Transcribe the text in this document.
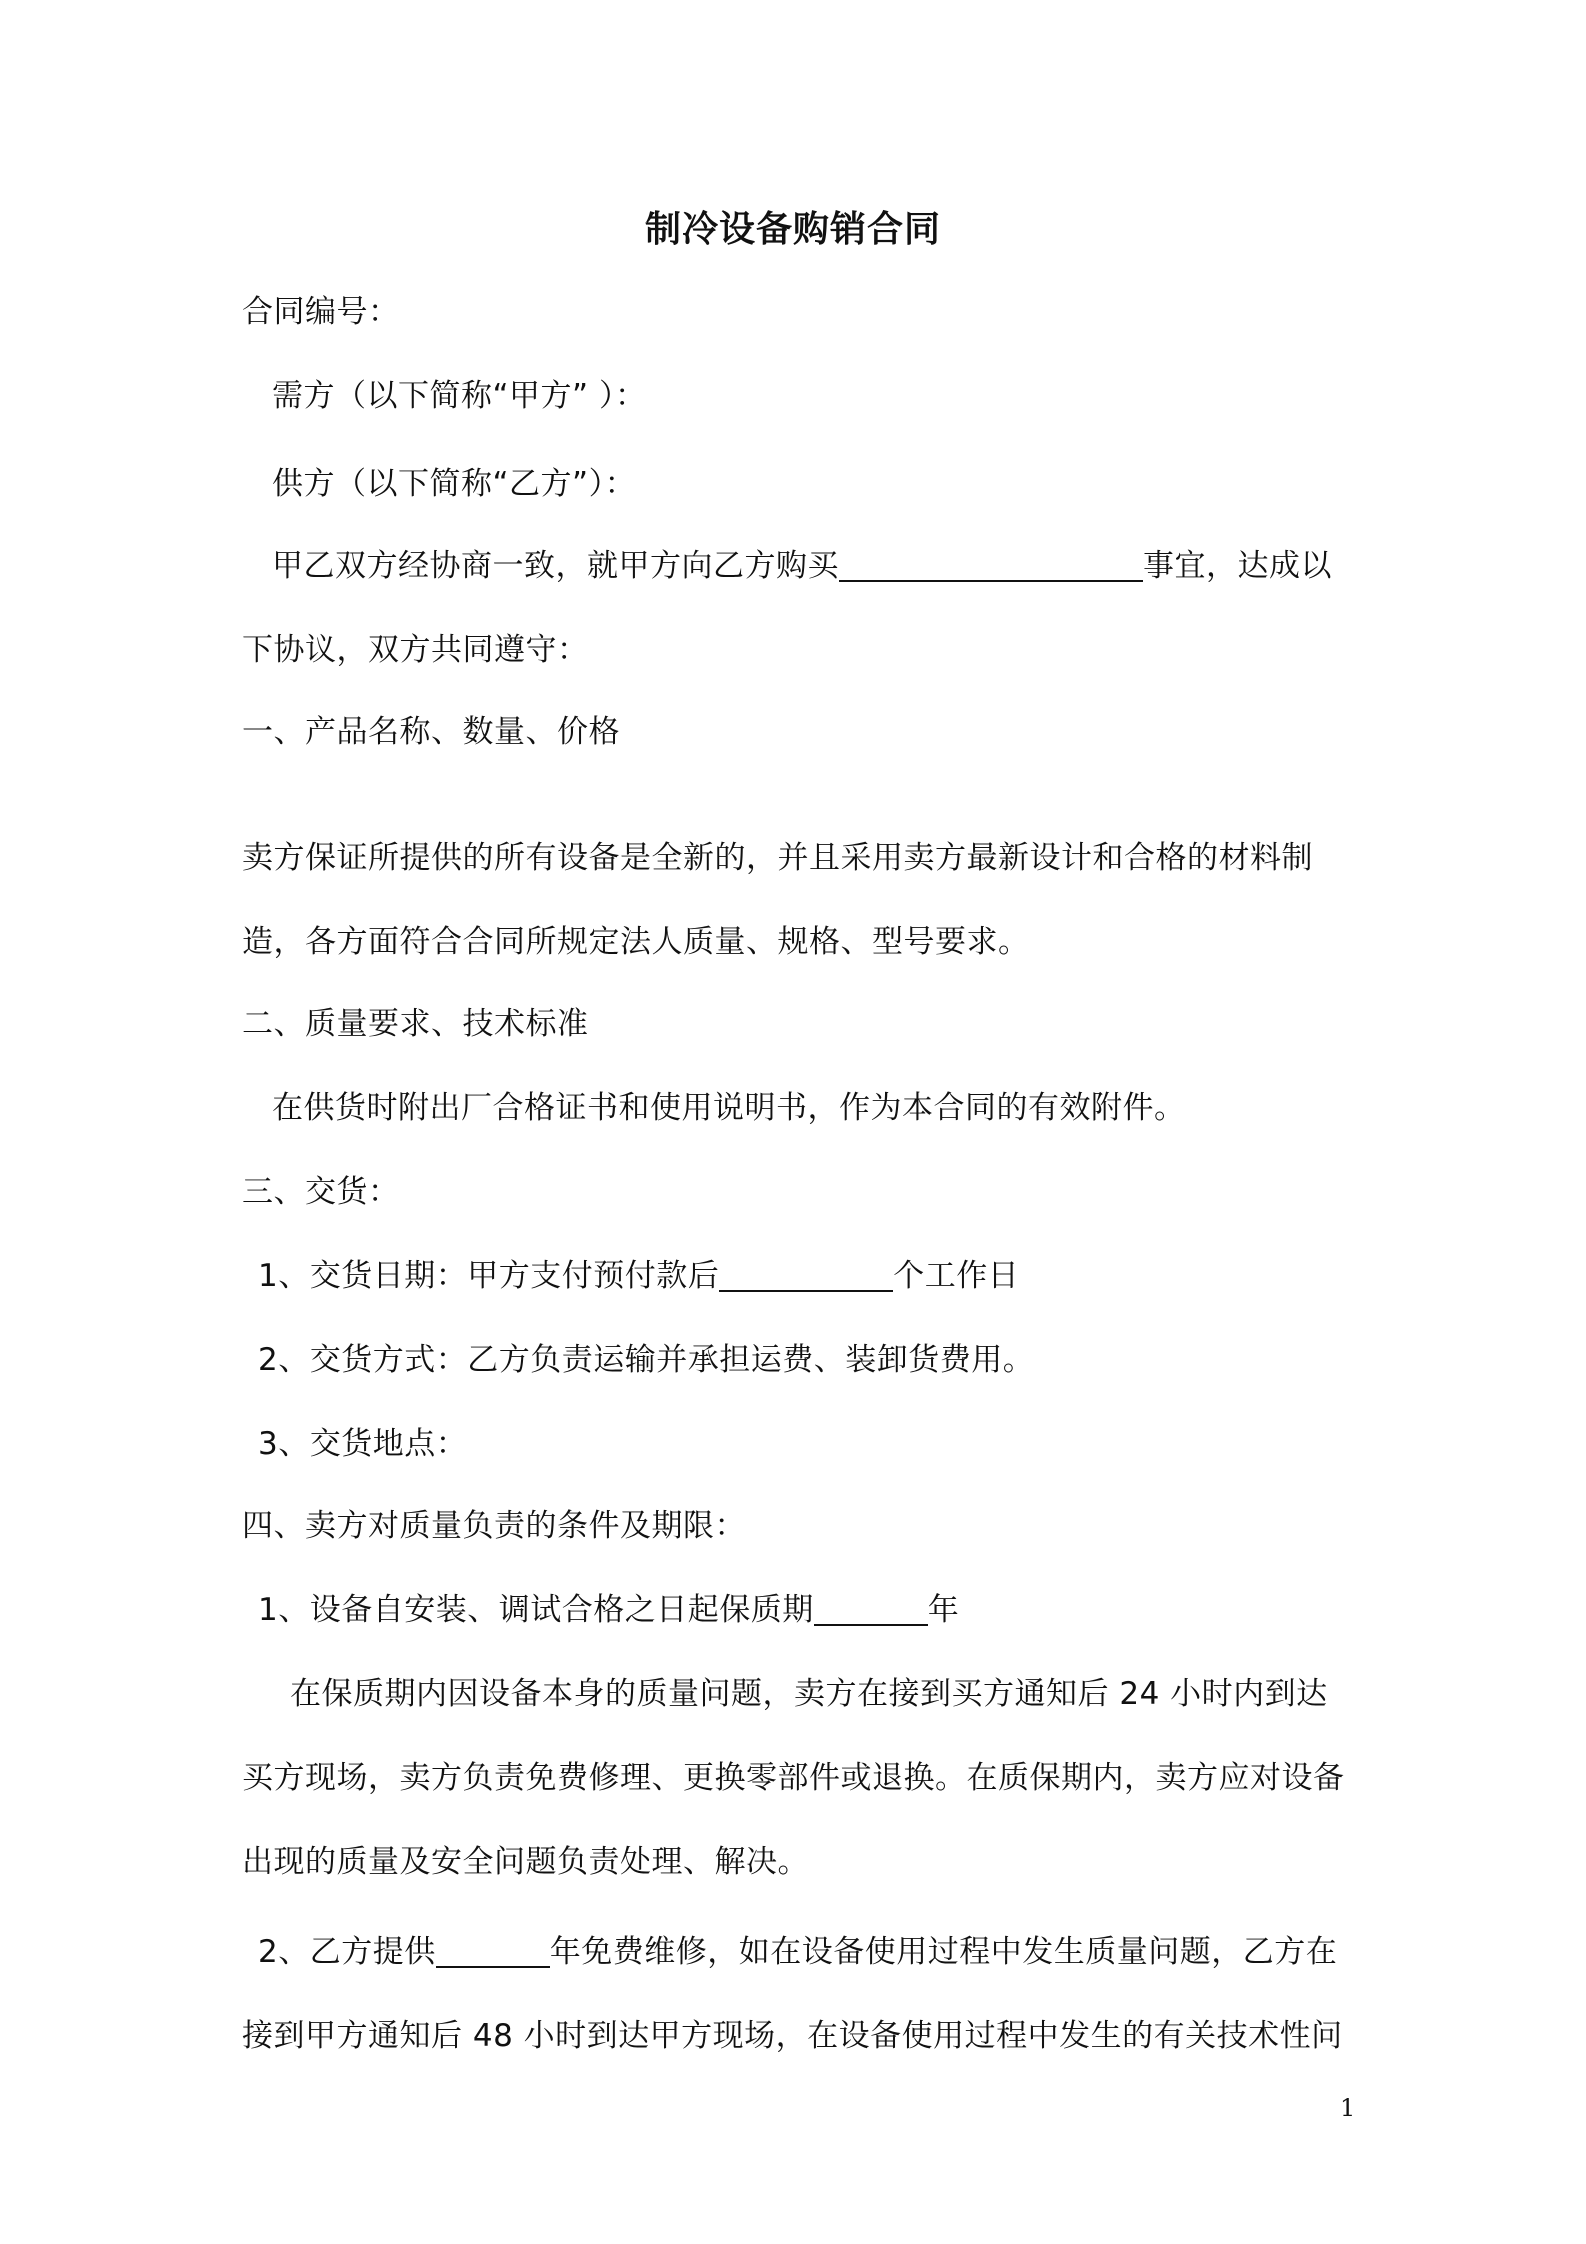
制冷设备购销合同
合同编号：
需方（以下简称“甲方” ）：
供方（以下简称“乙方”）：
甲乙双方经协商一致，就甲方向乙方购买	事宜，达成以
下协议，双方共同遵守：
一、产品名称、数量、价格
卖方保证所提供的所有设备是全新的，并且采用卖方最新设计和合格的材料制
造，各方面符合合同所规定法人质量、规格、型号要求。
二、质量要求、技术标准
在供货时附出厂合格证书和使用说明书，作为本合同的有效附件。
三、交货：
1、交货日期：甲方支付预付款后	个工作日
2、交货方式：乙方负责运输并承担运费、装卸货费用。
3、交货地点：
四、卖方对质量负责的条件及期限：
1、设备自安装、调试合格之日起保质期	年
在保质期内因设备本身的质量问题，卖方在接到买方通知后 24 小时内到达
买方现场，卖方负责免费修理、更换零部件或退换。在质保期内，卖方应对设备
出现的质量及安全问题负责处理、解决。
2、乙方提供	年免费维修，如在设备使用过程中发生质量问题，乙方在
接到甲方通知后 48 小时到达甲方现场，在设备使用过程中发生的有关技术性问
1
